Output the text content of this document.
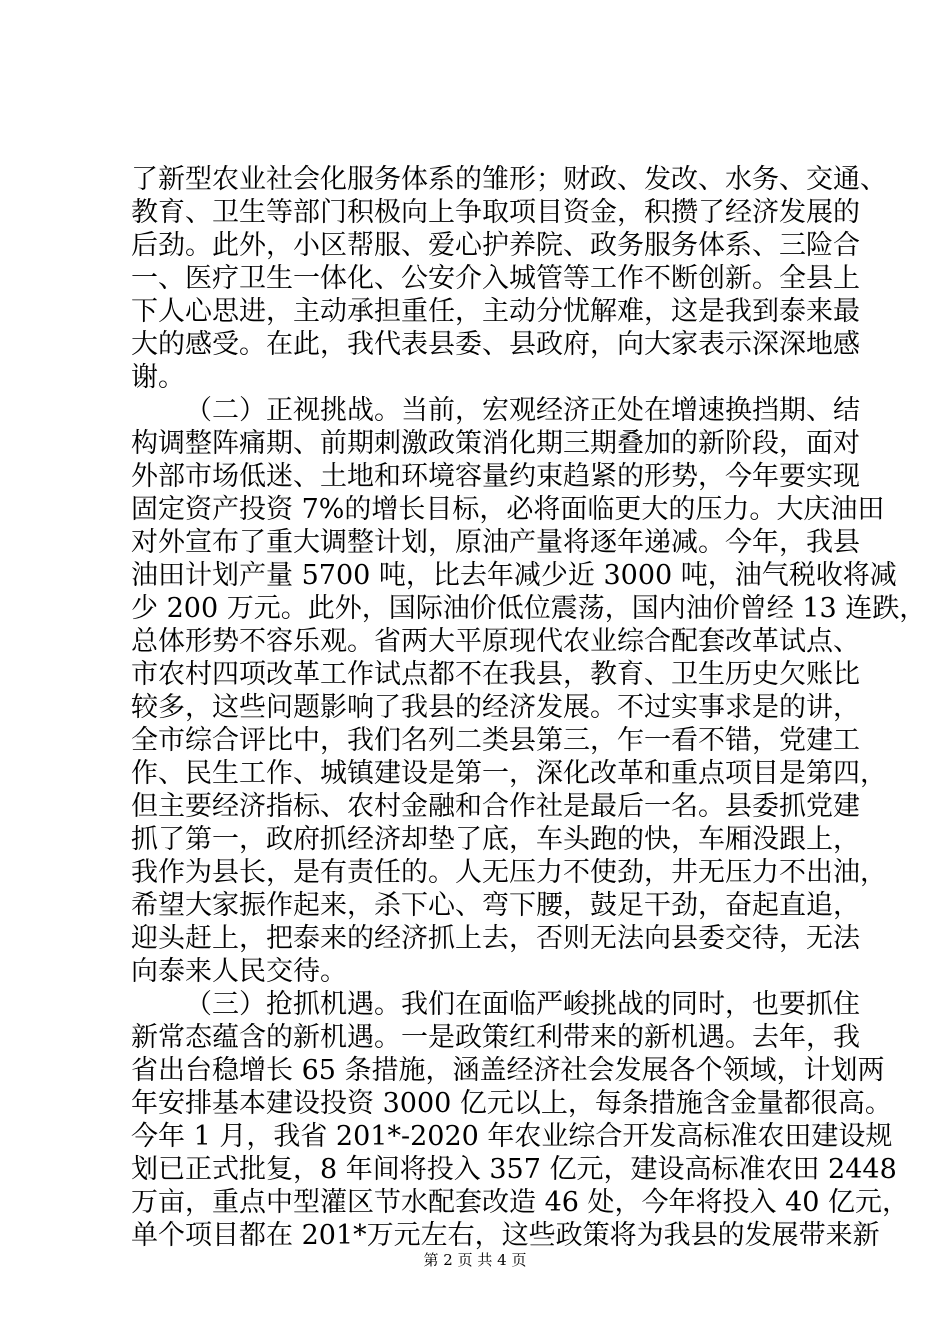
了新型农业社会化服务体系的雏形；财政、发改、水务、交通、
教育、卫生等部门积极向上争取项目资金，积攒了经济发展的
后劲。此外，小区帮服、爱心护养院、政务服务体系、三险合
一、医疗卫生一体化、公安介入城管等工作不断创新。全县上
下人心思进，主动承担重任，主动分忧解难，这是我到泰来最
大的感受。在此，我代表县委、县政府，向大家表示深深地感
谢。
（二）正视挑战。当前，宏观经济正处在增速换挡期、结
构调整阵痛期、前期刺激政策消化期三期叠加的新阶段，面对
外部市场低迷、土地和环境容量约束趋紧的形势，今年要实现
固定资产投资 7%的增长目标，必将面临更大的压力。大庆油田
对外宣布了重大调整计划，原油产量将逐年递减。今年，我县
油田计划产量 5700 吨，比去年减少近 3000 吨，油气税收将减
少 200 万元。此外，国际油价低位震荡，国内油价曾经 13 连跌，
总体形势不容乐观。省两大平原现代农业综合配套改革试点、
市农村四项改革工作试点都不在我县，教育、卫生历史欠账比
较多，这些问题影响了我县的经济发展。不过实事求是的讲，
全市综合评比中，我们名列二类县第三，乍一看不错，党建工
作、民生工作、城镇建设是第一，深化改革和重点项目是第四，
但主要经济指标、农村金融和合作社是最后一名。县委抓党建
抓了第一，政府抓经济却垫了底，车头跑的快，车厢没跟上，
我作为县长，是有责任的。人无压力不使劲，井无压力不出油，
希望大家振作起来，杀下心、弯下腰，鼓足干劲，奋起直追，
迎头赶上，把泰来的经济抓上去，否则无法向县委交待，无法
向泰来人民交待。
（三）抢抓机遇。我们在面临严峻挑战的同时，也要抓住
新常态蕴含的新机遇。一是政策红利带来的新机遇。去年，我
省出台稳增长 65 条措施，涵盖经济社会发展各个领域，计划两
年安排基本建设投资 3000 亿元以上，每条措施含金量都很高。
今年 1 月，我省 201*-2020 年农业综合开发高标准农田建设规
划已正式批复，8 年间将投入 357 亿元，建设高标准农田 2448
万亩，重点中型灌区节水配套改造 46 处，今年将投入 40 亿元，
单个项目都在 201*万元左右，这些政策将为我县的发展带来新
第 2 页 共 4 页
